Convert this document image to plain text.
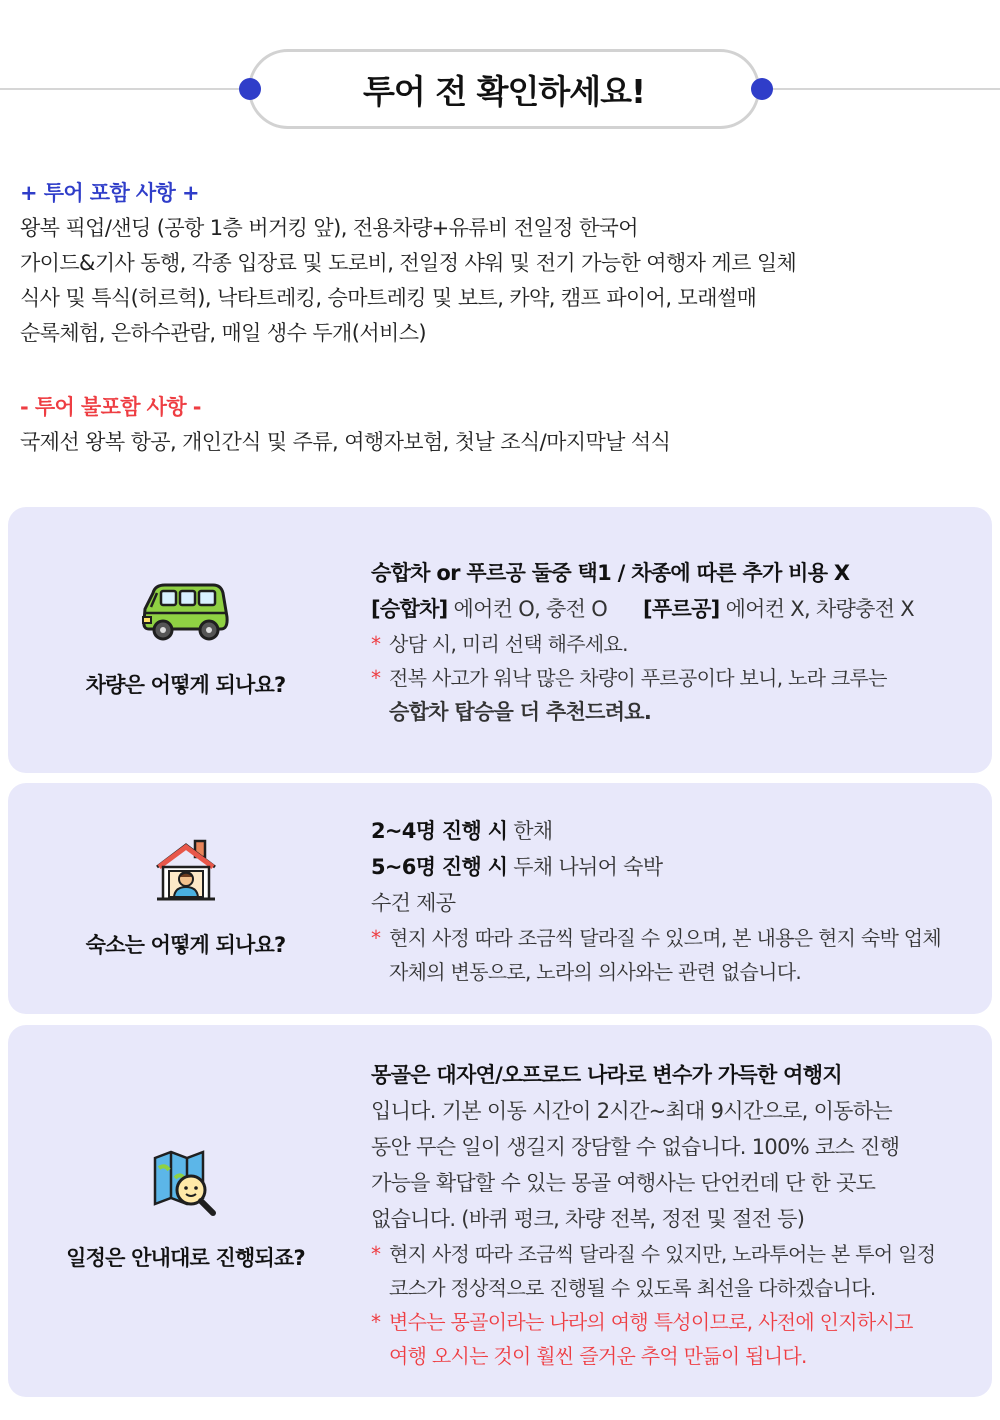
투어 전 확인하세요!
+ 투어 포함 사항 +
왕복 픽업/샌딩 (공항 1층 버거킹 앞), 전용차량+유류비 전일정 한국어
가이드&기사 동행, 각종 입장료 및 도로비, 전일정 샤워 및 전기 가능한 여행자 게르 일체
식사 및 특식(허르헉), 낙타트레킹, 승마트레킹 및 보트, 카약, 캠프 파이어, 모래썰매
순록체험, 은하수관람, 매일 생수 두개(서비스)
- 투어 불포함 사항 -
국제선 왕복 항공, 개인간식 및 주류, 여행자보험, 첫날 조식/마지막날 석식
차량은 어떻게 되나요?
승합차 or 푸르공 둘중 택1 / 차종에 따른 추가 비용 X
[승합차] 에어컨 O, 충전 O [푸르공] 에어컨 X, 차량충전 X
* 상담 시, 미리 선택 해주세요.
* 전복 사고가 워낙 많은 차량이 푸르공이다 보니, 노라 크루는
승합차 탑승을 더 추천드려요.
숙소는 어떻게 되나요?
2~4명 진행 시 한채
5~6명 진행 시 두채 나뉘어 숙박
수건 제공
* 현지 사정 따라 조금씩 달라질 수 있으며, 본 내용은 현지 숙박 업체
자체의 변동으로, 노라의 의사와는 관련 없습니다.
일정은 안내대로 진행되죠?
몽골은 대자연/오프로드 나라로 변수가 가득한 여행지
입니다. 기본 이동 시간이 2시간~최대 9시간으로, 이동하는
동안 무슨 일이 생길지 장담할 수 없습니다. 100% 코스 진행
가능을 확답할 수 있는 몽골 여행사는 단언컨데 단 한 곳도
없습니다. (바퀴 펑크, 차량 전복, 정전 및 절전 등)
* 현지 사정 따라 조금씩 달라질 수 있지만, 노라투어는 본 투어 일정
코스가 정상적으로 진행될 수 있도록 최선을 다하겠습니다.
* 변수는 몽골이라는 나라의 여행 특성이므로, 사전에 인지하시고
여행 오시는 것이 훨씬 즐거운 추억 만듦이 됩니다.
